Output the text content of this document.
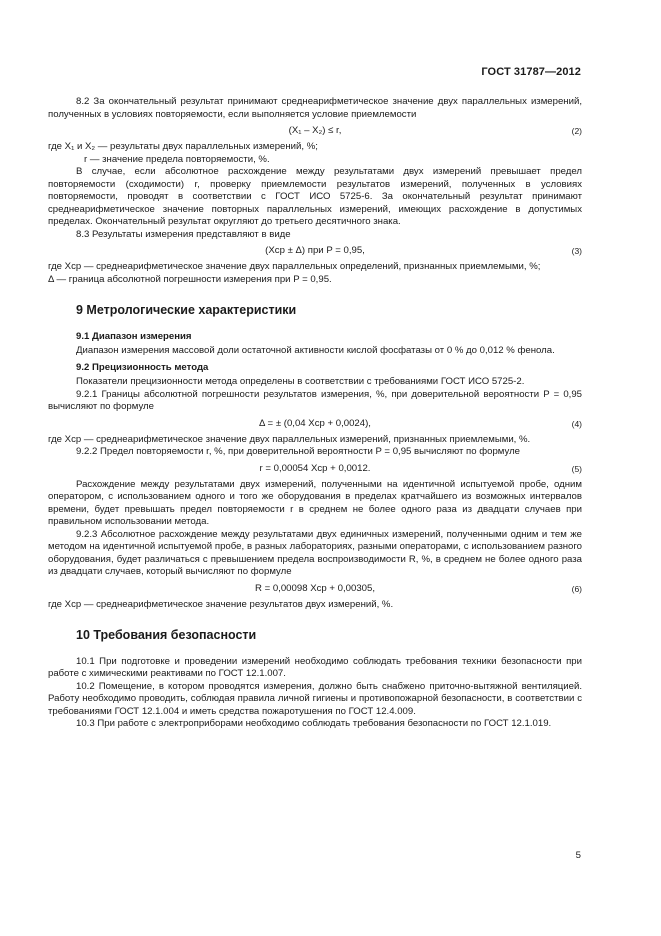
ГОСТ 31787—2012

8.2 За окончательный результат принимают среднеарифметическое значение двух параллельных измерений, полученных в условиях повторяемости, если выполняется условие приемлемости

(X₁ – X₂) ≤ r,	(2)

где X₁ и X₂ — результаты двух параллельных измерений, %;

r — значение предела повторяемости, %.

В случае, если абсолютное расхождение между результатами двух измерений превышает предел повторяемости (сходимости) r, проверку приемлемости результатов измерений, полученных в условиях повторяемости, проводят в соответствии с ГОСТ ИСО 5725-6. За окончательный результат принимают среднеарифметическое значение повторных параллельных измерений, имеющих расхождение в допустимых пределах. Окончательный результат округляют до третьего десятичного знака.

8.3 Результаты измерения представляют в виде

(Xср ± Δ) при P = 0,95,	(3)

где Xср — среднеарифметическое значение двух параллельных определений, признанных приемлемыми, %;

Δ — граница абсолютной погрешности измерения при P = 0,95.

9 Метрологические характеристики
9.1 Диапазон измерения

Диапазон измерения массовой доли остаточной активности кислой фосфатазы от 0 % до 0,012 % фенола.

9.2 Прецизионность метода

Показатели прецизионности метода определены в соответствии с требованиями ГОСТ ИСО 5725-2.

9.2.1 Границы абсолютной погрешности результатов измерения, %, при доверительной вероятности P = 0,95 вычисляют по формуле

Δ = ± (0,04 Xср + 0,0024),	(4)

где Xср — среднеарифметическое значение двух параллельных измерений, признанных приемлемыми, %.

9.2.2 Предел повторяемости r, %, при доверительной вероятности P = 0,95 вычисляют по формуле

r = 0,00054 Xср + 0,0012.	(5)

Расхождение между результатами двух измерений, полученными на идентичной испытуемой пробе, одним оператором, с использованием одного и того же оборудования в пределах кратчайшего из возможных интервалов времени, будет превышать предел повторяемости r в среднем не более одного раза из двадцати случаев при правильном использовании метода.

9.2.3 Абсолютное расхождение между результатами двух единичных измерений, полученными одним и тем же методом на идентичной испытуемой пробе, в разных лабораториях, разными операторами, с использованием разного оборудования, будет различаться с превышением предела воспроизводимости R, %, в среднем не более одного раза из двадцати случаев, который вычисляют по формуле

R = 0,00098 Xср + 0,00305,	(6)

где Xср — среднеарифметическое значение результатов двух измерений, %.

10 Требования безопасности

10.1 При подготовке и проведении измерений необходимо соблюдать требования техники безопасности при работе с химическими реактивами по ГОСТ 12.1.007.

10.2 Помещение, в котором проводятся измерения, должно быть снабжено приточно-вытяжной вентиляцией. Работу необходимо проводить, соблюдая правила личной гигиены и противопожарной безопасности, в соответствии с требованиями ГОСТ 12.1.004 и иметь средства пожаротушения по ГОСТ 12.4.009.

10.3 При работе с электроприборами необходимо соблюдать требования безопасности по ГОСТ 12.1.019.

5
